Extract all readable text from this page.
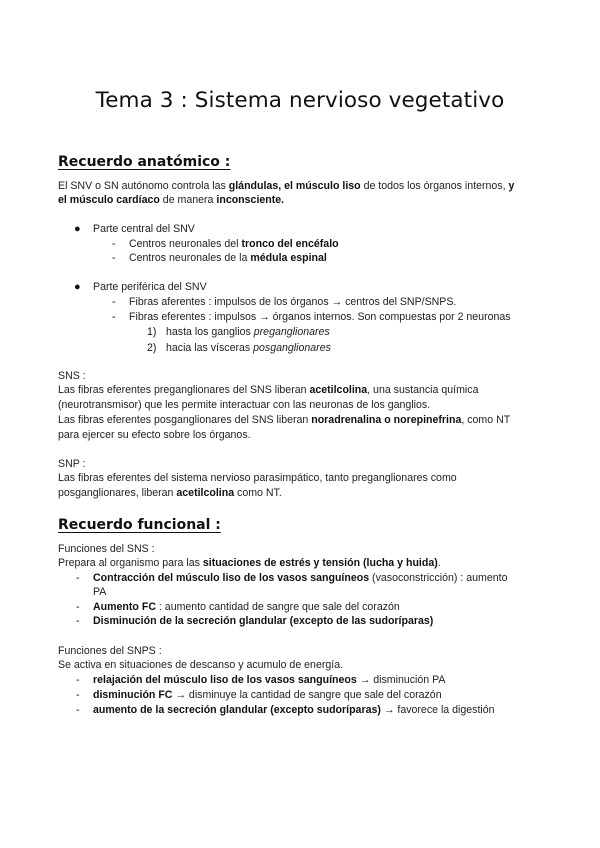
Tema 3 : Sistema nervioso vegetativo
Recuerdo anatómico :
El SNV o SN autónomo controla las glándulas, el músculo liso de todos los órganos internos, y
el músculo cardíaco de manera inconsciente.
● Parte central del SNV
- Centros neuronales del tronco del encéfalo
- Centros neuronales de la médula espinal
● Parte periférica del SNV
- Fibras aferentes : impulsos de los órganos → centros del SNP/SNPS.
- Fibras eferentes : impulsos → órganos internos. Son compuestas por 2 neuronas
1) hasta los ganglios preganglionares
2) hacia las vísceras posganglionares
SNS :
Las fibras eferentes preganglionares del SNS liberan acetilcolina, una sustancia química
(neurotransmisor) que les permite interactuar con las neuronas de los ganglios.
Las fibras eferentes posganglionares del SNS liberan noradrenalina o norepinefrina, como NT
para ejercer su efecto sobre los órganos.
SNP :
Las fibras eferentes del sistema nervioso parasimpático, tanto preganglionares como
posganglionares, liberan acetilcolina como NT.
Recuerdo funcional :
Funciones del SNS :
Prepara al organismo para las situaciones de estrés y tensión (lucha y huida).
- Contracción del músculo liso de los vasos sanguíneos (vasoconstricción) : aumento
PA
- Aumento FC : aumento cantidad de sangre que sale del corazón
- Disminución de la secreción glandular (excepto de las sudoríparas)
Funciones del SNPS :
Se activa en situaciones de descanso y acumulo de energía.
- relajación del músculo liso de los vasos sanguíneos → disminución PA
- disminución FC → disminuye la cantidad de sangre que sale del corazón
- aumento de la secreción glandular (excepto sudoríparas) → favorece la digestión
